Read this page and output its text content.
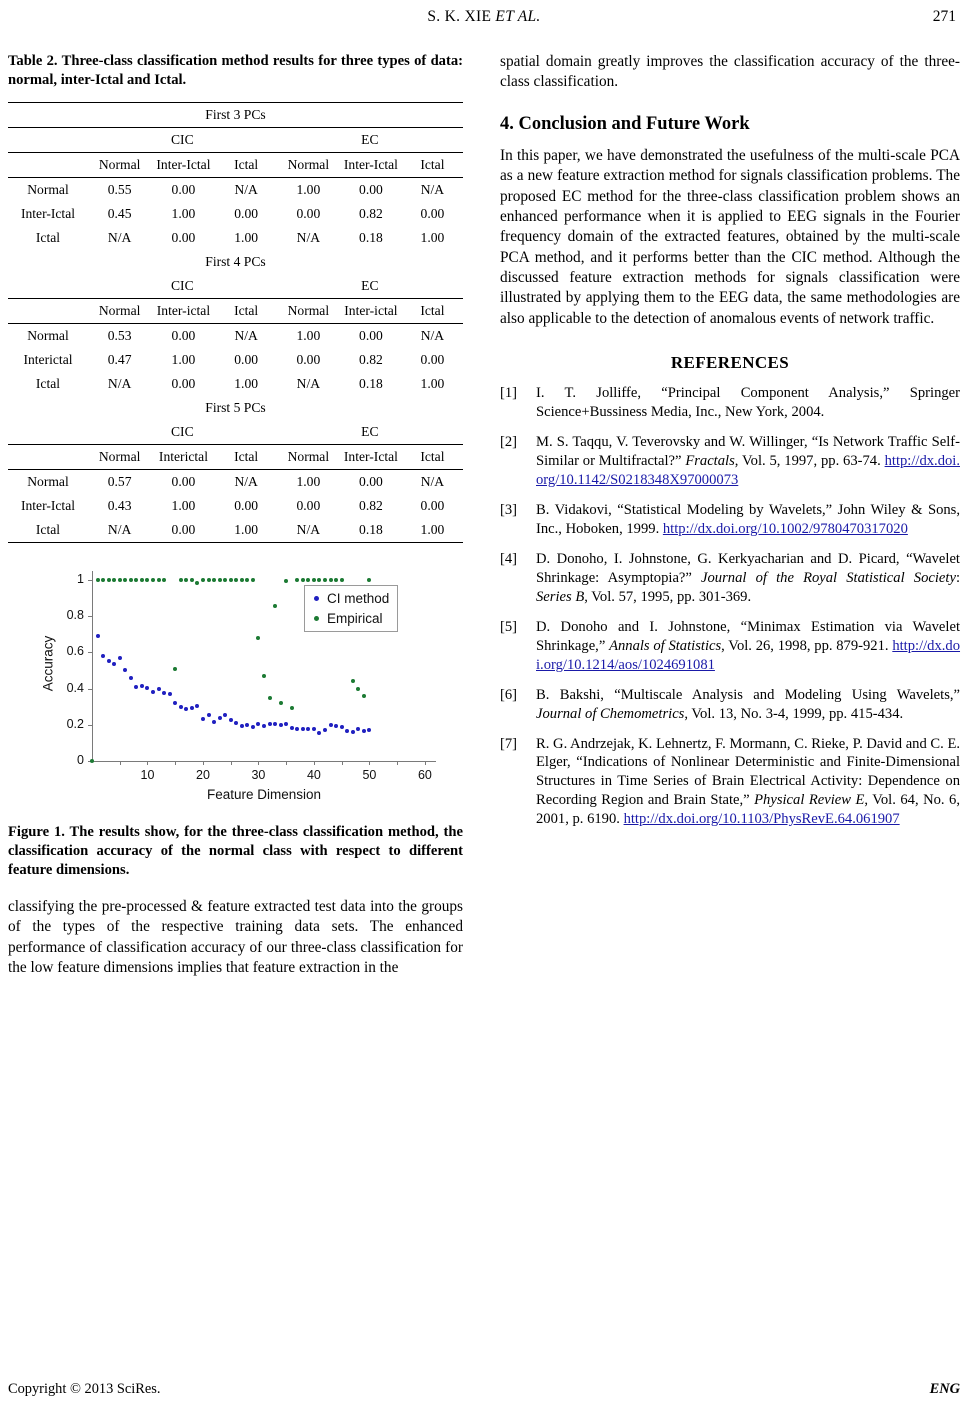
S. K. XIE ET AL.	271
Table 2. Three-class classification method results for three types of data: normal, inter-Ictal and Ictal.
First 3 PCs						
	CIC			EC		
	Normal	Inter-Ictal	Ictal	Normal	Inter-Ictal	Ictal
Normal	0.55	0.00	N/A	1.00	0.00	N/A
Inter-Ictal	0.45	1.00	0.00	0.00	0.82	0.00
Ictal	N/A	0.00	1.00	N/A	0.18	1.00
First 4 PCs						
	CIC			EC		
	Normal	Inter-ictal	Ictal	Normal	Inter-ictal	Ictal
Normal	0.53	0.00	N/A	1.00	0.00	N/A
Interictal	0.47	1.00	0.00	0.00	0.82	0.00
Ictal	N/A	0.00	1.00	N/A	0.18	1.00
First 5 PCs						
	CIC			EC		
	Normal	Interictal	Ictal	Normal	Inter-Ictal	Ictal
Normal	0.57	0.00	N/A	1.00	0.00	N/A
Inter-Ictal	0.43	1.00	0.00	0.00	0.82	0.00
Ictal	N/A	0.00	1.00	N/A	0.18	1.00
0
0.2
0.4
0.6
0.8
1
10	20	30	40	50	60
Feature Dimension
Accuracy
CI method
Empirical
Figure 1. The results show, for the three-class classification method, the classification accuracy of the normal class with respect to different feature dimensions.

classifying the pre-processed & feature extracted test data into the groups of the types of the respective training data sets. The enhanced performance of classification accuracy of our three-class classification for the low feature dimensions implies that feature extraction in the

spatial domain greatly improves the classification accuracy of the three-class classification.

4. Conclusion and Future Work

In this paper, we have demonstrated the usefulness of the multi-scale PCA as a new feature extraction method for signals classification problems. The proposed EC method for the three-class classification problem shows an enhanced performance when it is applied to EEG signals in the Fourier frequency domain of the extracted features, obtained by the multi-scale PCA method, and it performs better than the CIC method. Although the discussed feature extraction methods for signals classification were illustrated by applying them to the EEG data, the same methodologies are also applicable to the detection of anomalous events of network traffic.

REFERENCES
[1]	I. T. Jolliffe, “Principal Component Analysis,” Springer Science+Bussiness Media, Inc., New York, 2004.
[2]	M. S. Taqqu, V. Teverovsky and W. Willinger, “Is Network Traffic Self-Similar or Multifractal?” Fractals, Vol. 5, 1997, pp. 63-74. http://dx.doi.org/10.1142/S0218348X97000073
[3]	B. Vidakovi, “Statistical Modeling by Wavelets,” John Wiley & Sons, Inc., Hoboken, 1999. http://dx.doi.org/10.1002/9780470317020
[4]	D. Donoho, I. Johnstone, G. Kerkyacharian and D. Picard, “Wavelet Shrinkage: Asymptopia?” Journal of the Royal Statistical Society: Series B, Vol. 57, 1995, pp. 301-369.
[5]	D. Donoho and I. Johnstone, “Minimax Estimation via Wavelet Shrinkage,” Annals of Statistics, Vol. 26, 1998, pp. 879-921. http://dx.doi.org/10.1214/aos/1024691081
[6]	B. Bakshi, “Multiscale Analysis and Modeling Using Wavelets,” Journal of Chemometrics, Vol. 13, No. 3-4, 1999, pp. 415-434.
[7]	R. G. Andrzejak, K. Lehnertz, F. Mormann, C. Rieke, P. David and C. E. Elger, “Indications of Nonlinear Deterministic and Finite-Dimensional Structures in Time Series of Brain Electrical Activity: Dependence on Recording Region and Brain State,” Physical Review E, Vol. 64, No. 6, 2001, p. 6190. http://dx.doi.org/10.1103/PhysRevE.64.061907
Copyright © 2013 SciRes.	ENG
